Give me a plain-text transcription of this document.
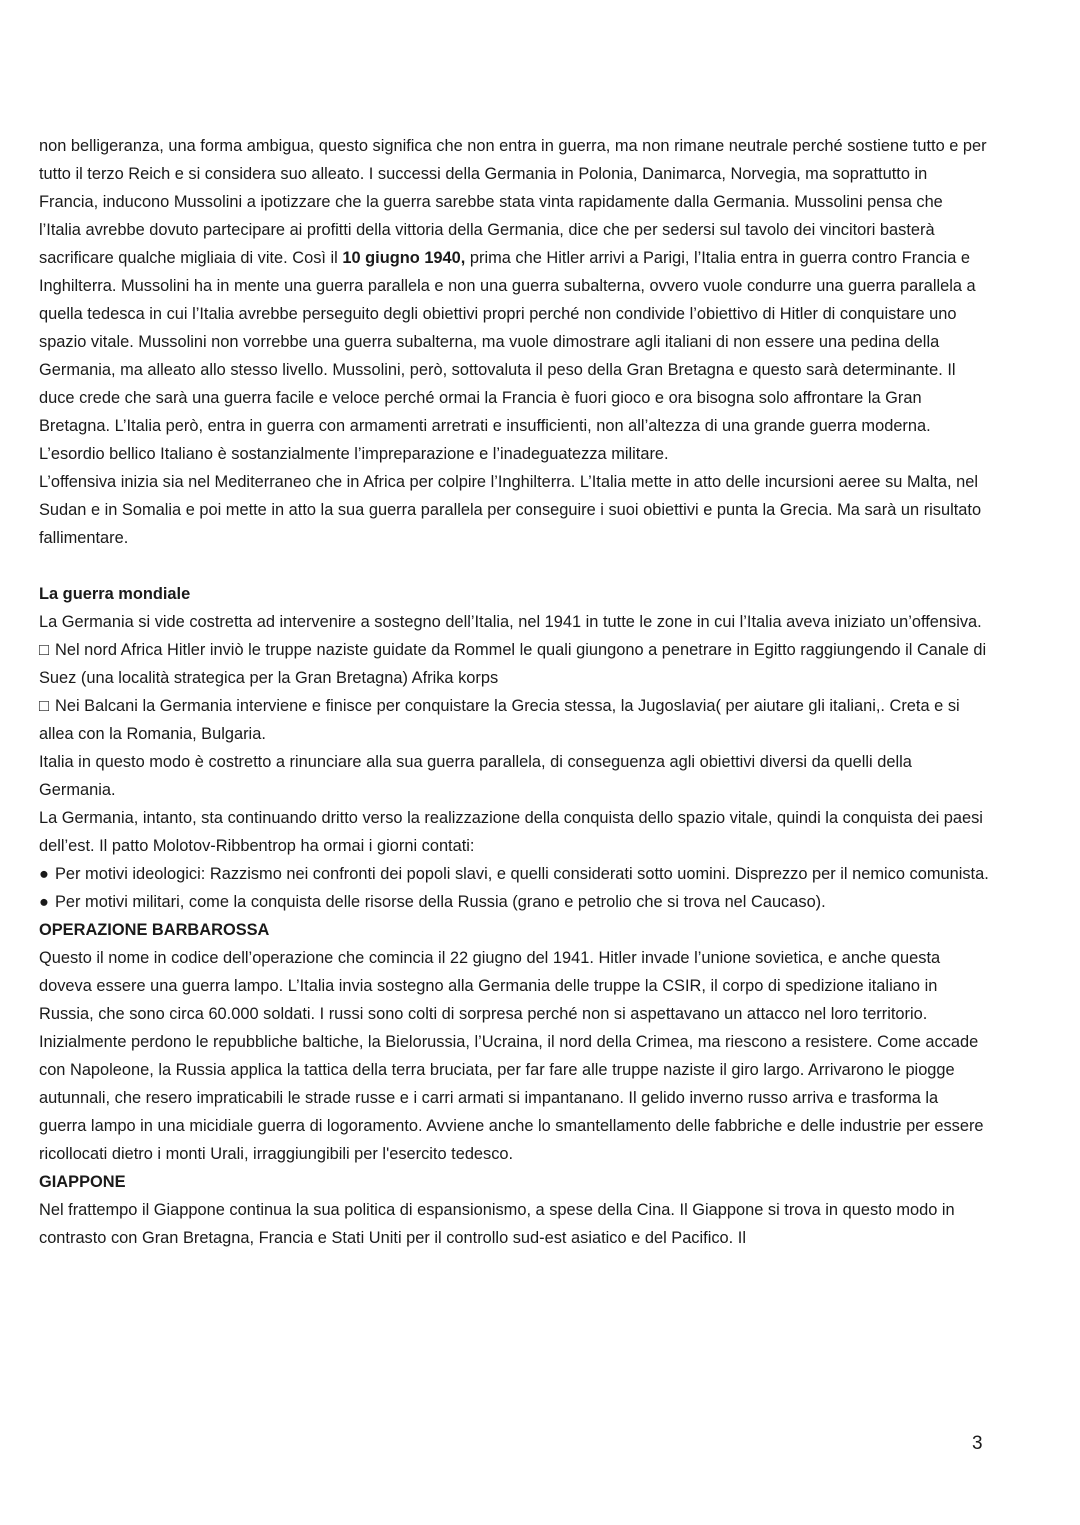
non belligeranza, una forma ambigua, questo significa che non entra in guerra, ma non rimane neutrale perché sostiene tutto e per tutto il terzo Reich e si considera suo alleato. I successi della Germania in Polonia, Danimarca, Norvegia, ma soprattutto in Francia, inducono Mussolini a ipotizzare che la guerra sarebbe stata vinta rapidamente dalla Germania. Mussolini pensa che l’Italia avrebbe dovuto partecipare ai profitti della vittoria della Germania, dice che per sedersi sul tavolo dei vincitori basterà sacrificare qualche migliaia di vite. Così il 10 giugno 1940, prima che Hitler arrivi a Parigi, l’Italia entra in guerra contro Francia e Inghilterra. Mussolini ha in mente una guerra parallela e non una guerra subalterna, ovvero vuole condurre una guerra parallela a quella tedesca in cui l’Italia avrebbe perseguito degli obiettivi propri perché non condivide l’obiettivo di Hitler di conquistare uno spazio vitale. Mussolini non vorrebbe una guerra subalterna, ma vuole dimostrare agli italiani di non essere una pedina della Germania, ma alleato allo stesso livello. Mussolini, però, sottovaluta il peso della Gran Bretagna e questo sarà determinante. Il duce crede che sarà una guerra facile e veloce perché ormai la Francia è fuori gioco e ora bisogna solo affrontare la Gran Bretagna. L’Italia però, entra in guerra con armamenti arretrati e insufficienti, non all’altezza di una grande guerra moderna. L’esordio bellico Italiano è sostanzialmente l’impreparazione e l’inadeguatezza militare.

L’offensiva inizia sia nel Mediterraneo che in Africa per colpire l’Inghilterra. L’Italia mette in atto delle incursioni aeree su Malta, nel Sudan e in Somalia e poi mette in atto la sua guerra parallela per conseguire i suoi obiettivi e punta la Grecia. Ma sarà un risultato fallimentare.

La guerra mondiale

La Germania si vide costretta ad intervenire a sostegno dell’Italia, nel 1941 in tutte le zone in cui l’Italia aveva iniziato un’offensiva.

□ Nel nord Africa Hitler inviò le truppe naziste guidate da Rommel le quali giungono a penetrare in Egitto raggiungendo il Canale di Suez (una località strategica per la Gran Bretagna) Afrika korps

□ Nei Balcani la Germania interviene e finisce per conquistare la Grecia stessa, la Jugoslavia( per aiutare gli italiani,. Creta e si allea con la Romania, Bulgaria.

Italia in questo modo è costretto a rinunciare alla sua guerra parallela, di conseguenza agli obiettivi diversi da quelli della Germania.

La Germania, intanto, sta continuando dritto verso la realizzazione della conquista dello spazio vitale, quindi la conquista dei paesi dell’est. Il patto Molotov-Ribbentrop ha ormai i giorni contati:

● Per motivi ideologici: Razzismo nei confronti dei popoli slavi, e quelli considerati sotto uomini. Disprezzo per il nemico comunista.

● Per motivi militari, come la conquista delle risorse della Russia (grano e petrolio che si trova nel Caucaso).

OPERAZIONE BARBAROSSA

Questo il nome in codice dell’operazione che comincia il 22 giugno del 1941. Hitler invade l’unione sovietica, e anche questa doveva essere una guerra lampo. L’Italia invia sostegno alla Germania delle truppe la CSIR, il corpo di spedizione italiano in Russia, che sono circa 60.000 soldati. I russi sono colti di sorpresa perché non si aspettavano un attacco nel loro territorio. Inizialmente perdono le repubbliche baltiche, la Bielorussia, l’Ucraina, il nord della Crimea, ma riescono a resistere. Come accade con Napoleone, la Russia applica la tattica della terra bruciata, per far fare alle truppe naziste il giro largo. Arrivarono le piogge autunnali, che resero impraticabili le strade russe e i carri armati si impantanano. Il gelido inverno russo arriva e trasforma la guerra lampo in una micidiale guerra di logoramento. Avviene anche lo smantellamento delle fabbriche e delle industrie per essere ricollocati dietro i monti Urali, irraggiungibili per l'esercito tedesco.

GIAPPONE

Nel frattempo il Giappone continua la sua politica di espansionismo, a spese della Cina. Il Giappone si trova in questo modo in contrasto con Gran Bretagna, Francia e Stati Uniti per il controllo sud-est asiatico e del Pacifico. Il

3
